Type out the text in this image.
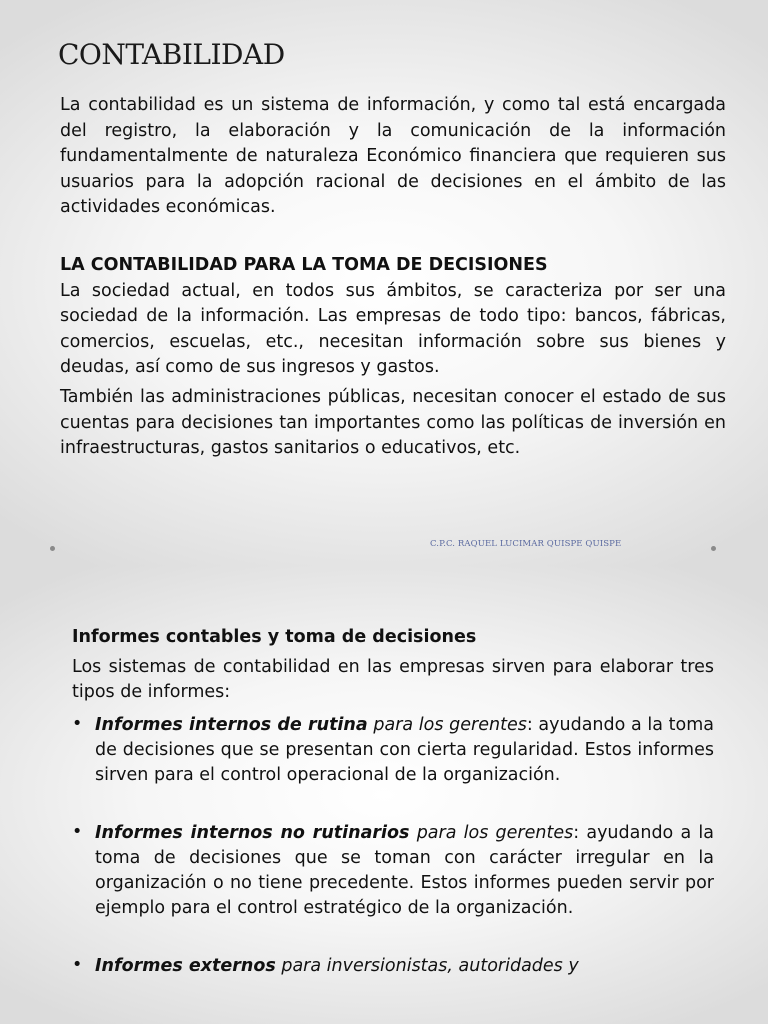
CONTABILIDAD

La contabilidad es un sistema de información, y como tal está encargada del registro, la elaboración y la comunicación de la información fundamentalmente de naturaleza Económico financiera que requieren sus usuarios para la adopción racional de decisiones en el ámbito de las actividades económicas.

LA CONTABILIDAD PARA LA TOMA DE DECISIONES

La sociedad actual, en todos sus ámbitos, se caracteriza por ser una sociedad de la información. Las empresas de todo tipo: bancos, fábricas, comercios, escuelas, etc., necesitan información sobre sus bienes y deudas, así como de sus ingresos y gastos.

También las administraciones públicas, necesitan conocer el estado de sus cuentas para decisiones tan importantes como las políticas de inversión en infraestructuras, gastos sanitarios o educativos, etc.

C.P.C. RAQUEL LUCIMAR QUISPE QUISPE

Informes contables y toma de decisiones

Los sistemas de contabilidad en las empresas sirven para elaborar tres tipos de informes:

• Informes internos de rutina para los gerentes: ayudando a la toma de decisiones que se presentan con cierta regularidad. Estos informes sirven para el control operacional de la organización.
• Informes internos no rutinarios para los gerentes: ayudando a la toma de decisiones que se toman con carácter irregular en la organización o no tiene precedente. Estos informes pueden servir por ejemplo para el control estratégico de la organización.
• Informes externos para inversionistas, autoridades y
